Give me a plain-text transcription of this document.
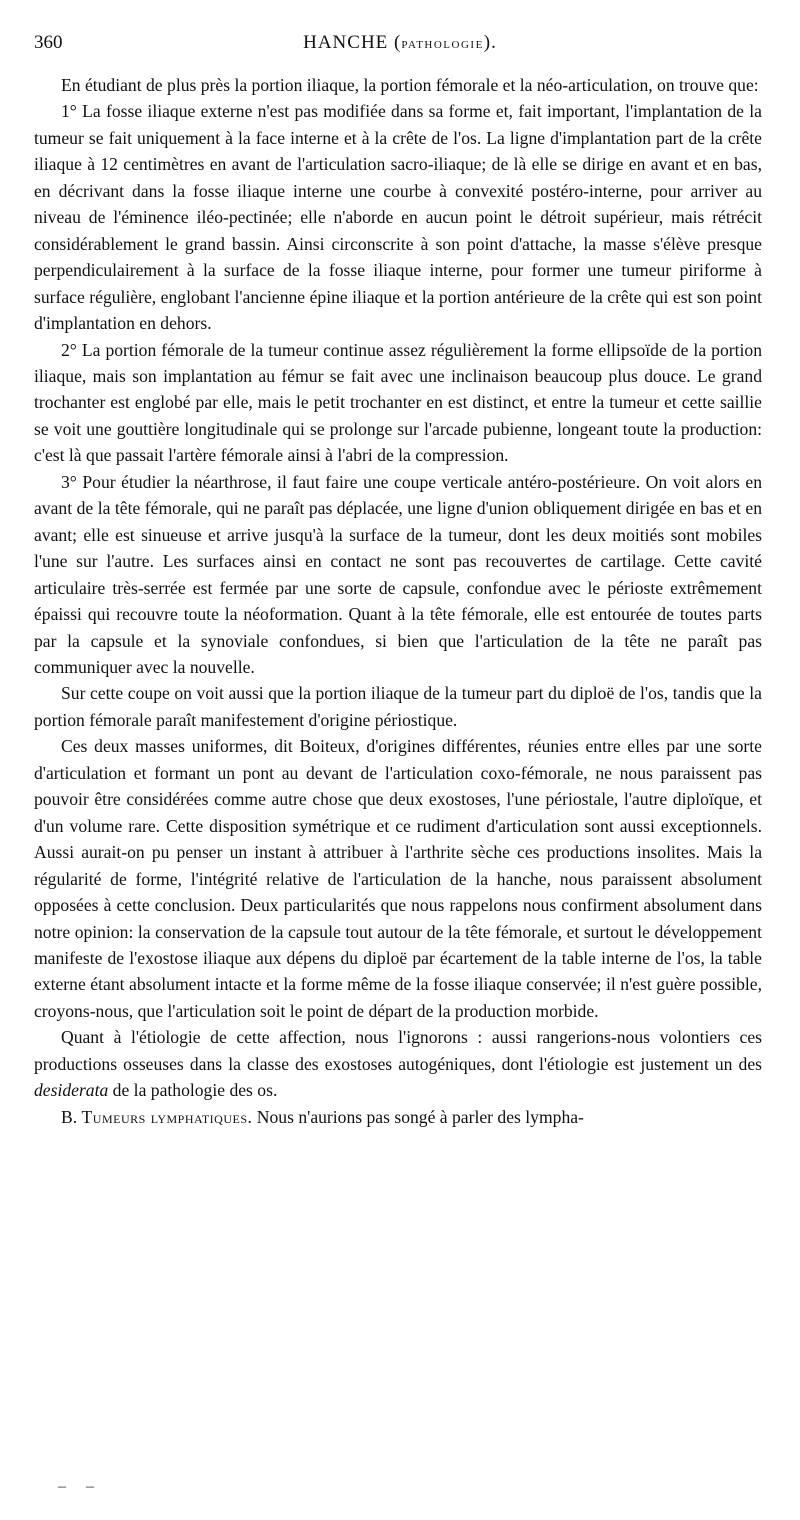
360	HANCHE (pathologie).

En étudiant de plus près la portion iliaque, la portion fémorale et la néo-articulation, on trouve que:

1° La fosse iliaque externe n'est pas modifiée dans sa forme et, fait important, l'implantation de la tumeur se fait uniquement à la face interne et à la crête de l'os. La ligne d'implantation part de la crête iliaque à 12 centimètres en avant de l'articulation sacro-iliaque; de là elle se dirige en avant et en bas, en décrivant dans la fosse iliaque interne une courbe à convexité postéro-interne, pour arriver au niveau de l'éminence iléo-pectinée; elle n'aborde en aucun point le détroit supérieur, mais rétrécit considérablement le grand bassin. Ainsi circonscrite à son point d'attache, la masse s'élève presque perpendiculairement à la surface de la fosse iliaque interne, pour former une tumeur piriforme à surface régulière, englobant l'ancienne épine iliaque et la portion antérieure de la crête qui est son point d'implantation en dehors.

2° La portion fémorale de la tumeur continue assez régulièrement la forme ellipsoïde de la portion iliaque, mais son implantation au fémur se fait avec une inclinaison beaucoup plus douce. Le grand trochanter est englobé par elle, mais le petit trochanter en est distinct, et entre la tumeur et cette saillie se voit une gouttière longitudinale qui se prolonge sur l'arcade pubienne, longeant toute la production: c'est là que passait l'artère fémorale ainsi à l'abri de la compression.

3° Pour étudier la néarthrose, il faut faire une coupe verticale antéro-postérieure. On voit alors en avant de la tête fémorale, qui ne paraît pas déplacée, une ligne d'union obliquement dirigée en bas et en avant; elle est sinueuse et arrive jusqu'à la surface de la tumeur, dont les deux moitiés sont mobiles l'une sur l'autre. Les surfaces ainsi en contact ne sont pas recouvertes de cartilage. Cette cavité articulaire très-serrée est fermée par une sorte de capsule, confondue avec le périoste extrêmement épaissi qui recouvre toute la néoformation. Quant à la tête fémorale, elle est entourée de toutes parts par la capsule et la synoviale confondues, si bien que l'articulation de la tête ne paraît pas communiquer avec la nouvelle.

Sur cette coupe on voit aussi que la portion iliaque de la tumeur part du diploë de l'os, tandis que la portion fémorale paraît manifestement d'origine périostique.

Ces deux masses uniformes, dit Boiteux, d'origines différentes, réunies entre elles par une sorte d'articulation et formant un pont au devant de l'articulation coxo-fémorale, ne nous paraissent pas pouvoir être considérées comme autre chose que deux exostoses, l'une périostale, l'autre diploïque, et d'un volume rare. Cette disposition symétrique et ce rudiment d'articulation sont aussi exceptionnels. Aussi aurait-on pu penser un instant à attribuer à l'arthrite sèche ces productions insolites. Mais la régularité de forme, l'intégrité relative de l'articulation de la hanche, nous paraissent absolument opposées à cette conclusion. Deux particularités que nous rappelons nous confirment absolument dans notre opinion: la conservation de la capsule tout autour de la tête fémorale, et surtout le développement manifeste de l'exostose iliaque aux dépens du diploë par écartement de la table interne de l'os, la table externe étant absolument intacte et la forme même de la fosse iliaque conservée; il n'est guère possible, croyons-nous, que l'articulation soit le point de départ de la production morbide.

Quant à l'étiologie de cette affection, nous l'ignorons : aussi rangerions-nous volontiers ces productions osseuses dans la classe des exostoses autogéniques, dont l'étiologie est justement un des desiderata de la pathologie des os.

B. Tumeurs lymphatiques. Nous n'aurions pas songé à parler des lympha-

– –
